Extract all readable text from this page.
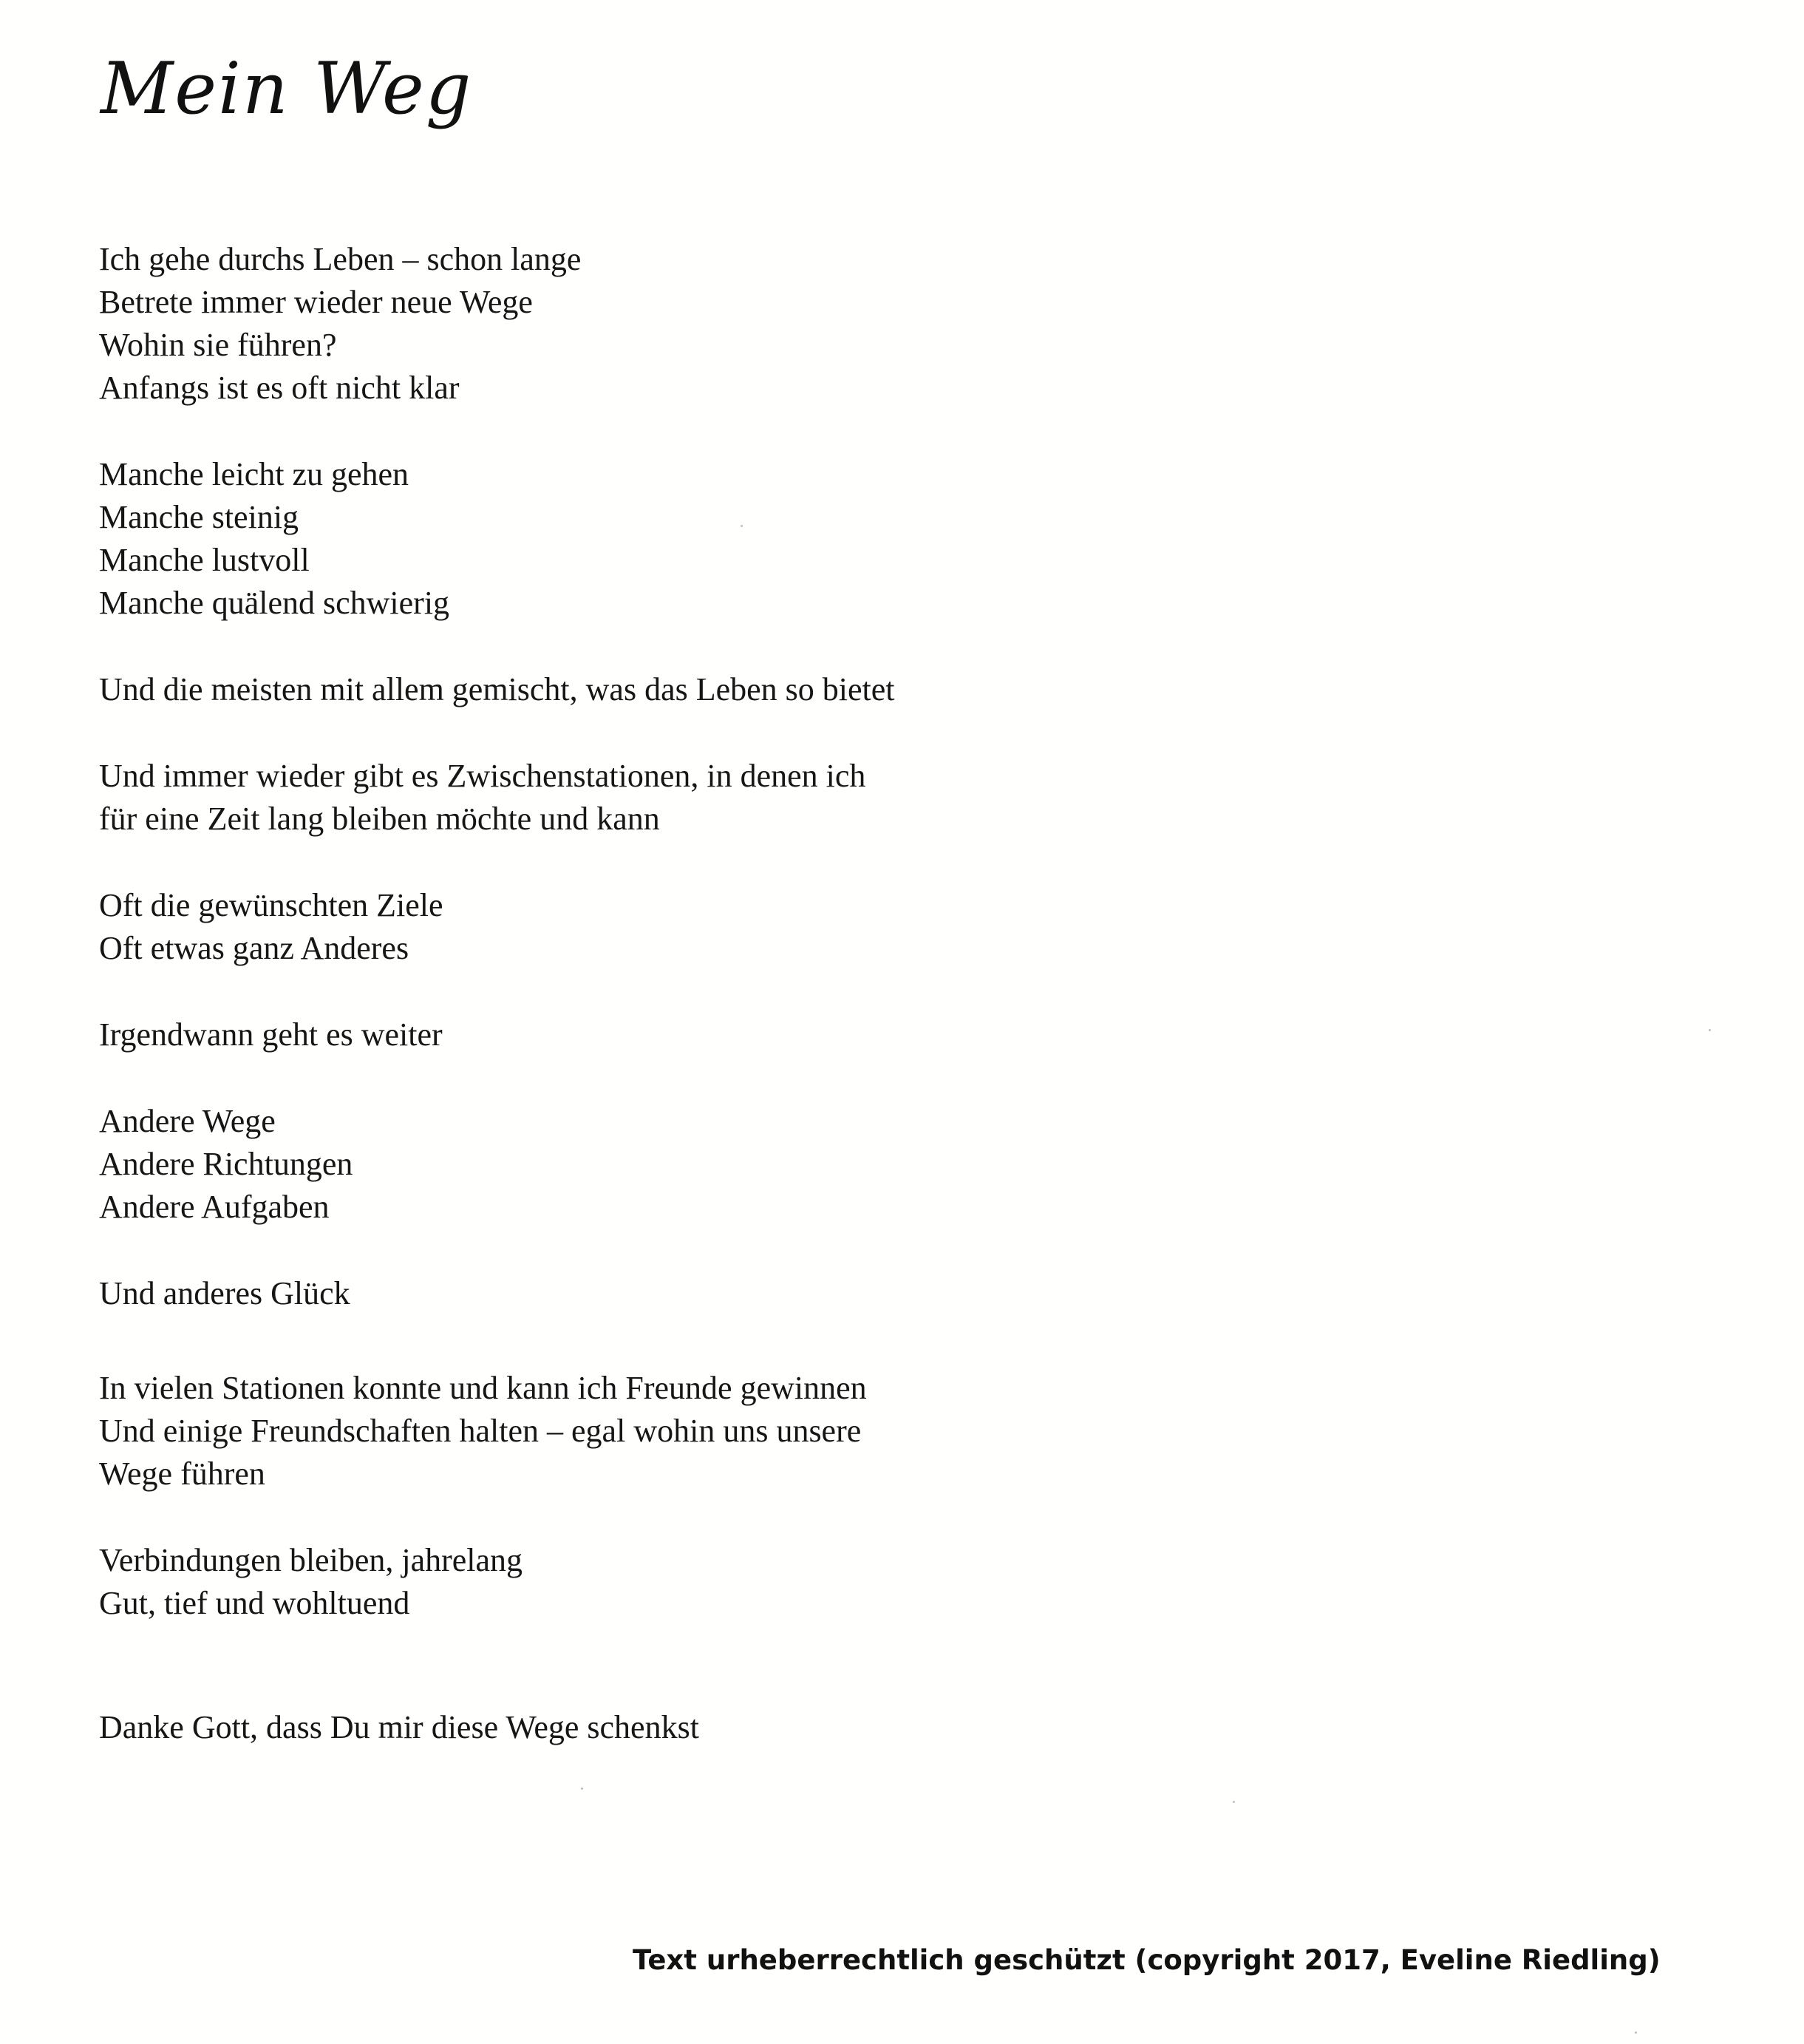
Mein Weg
Ich gehe durchs Leben – schon lange
Betrete immer wieder neue Wege
Wohin sie führen?
Anfangs ist es oft nicht klar
Manche leicht zu gehen
Manche steinig
Manche lustvoll
Manche quälend schwierig
Und die meisten mit allem gemischt, was das Leben so bietet
Und immer wieder gibt es Zwischenstationen, in denen ich
für eine Zeit lang bleiben möchte und kann
Oft die gewünschten Ziele
Oft etwas ganz Anderes
Irgendwann geht es weiter
Andere Wege
Andere Richtungen
Andere Aufgaben
Und anderes Glück
In vielen Stationen konnte und kann ich Freunde gewinnen
Und einige Freundschaften halten – egal wohin uns unsere
Wege führen
Verbindungen bleiben, jahrelang
Gut, tief und wohltuend
Danke Gott, dass Du mir diese Wege schenkst
Text urheberrechtlich geschützt (copyright 2017, Eveline Riedling)
